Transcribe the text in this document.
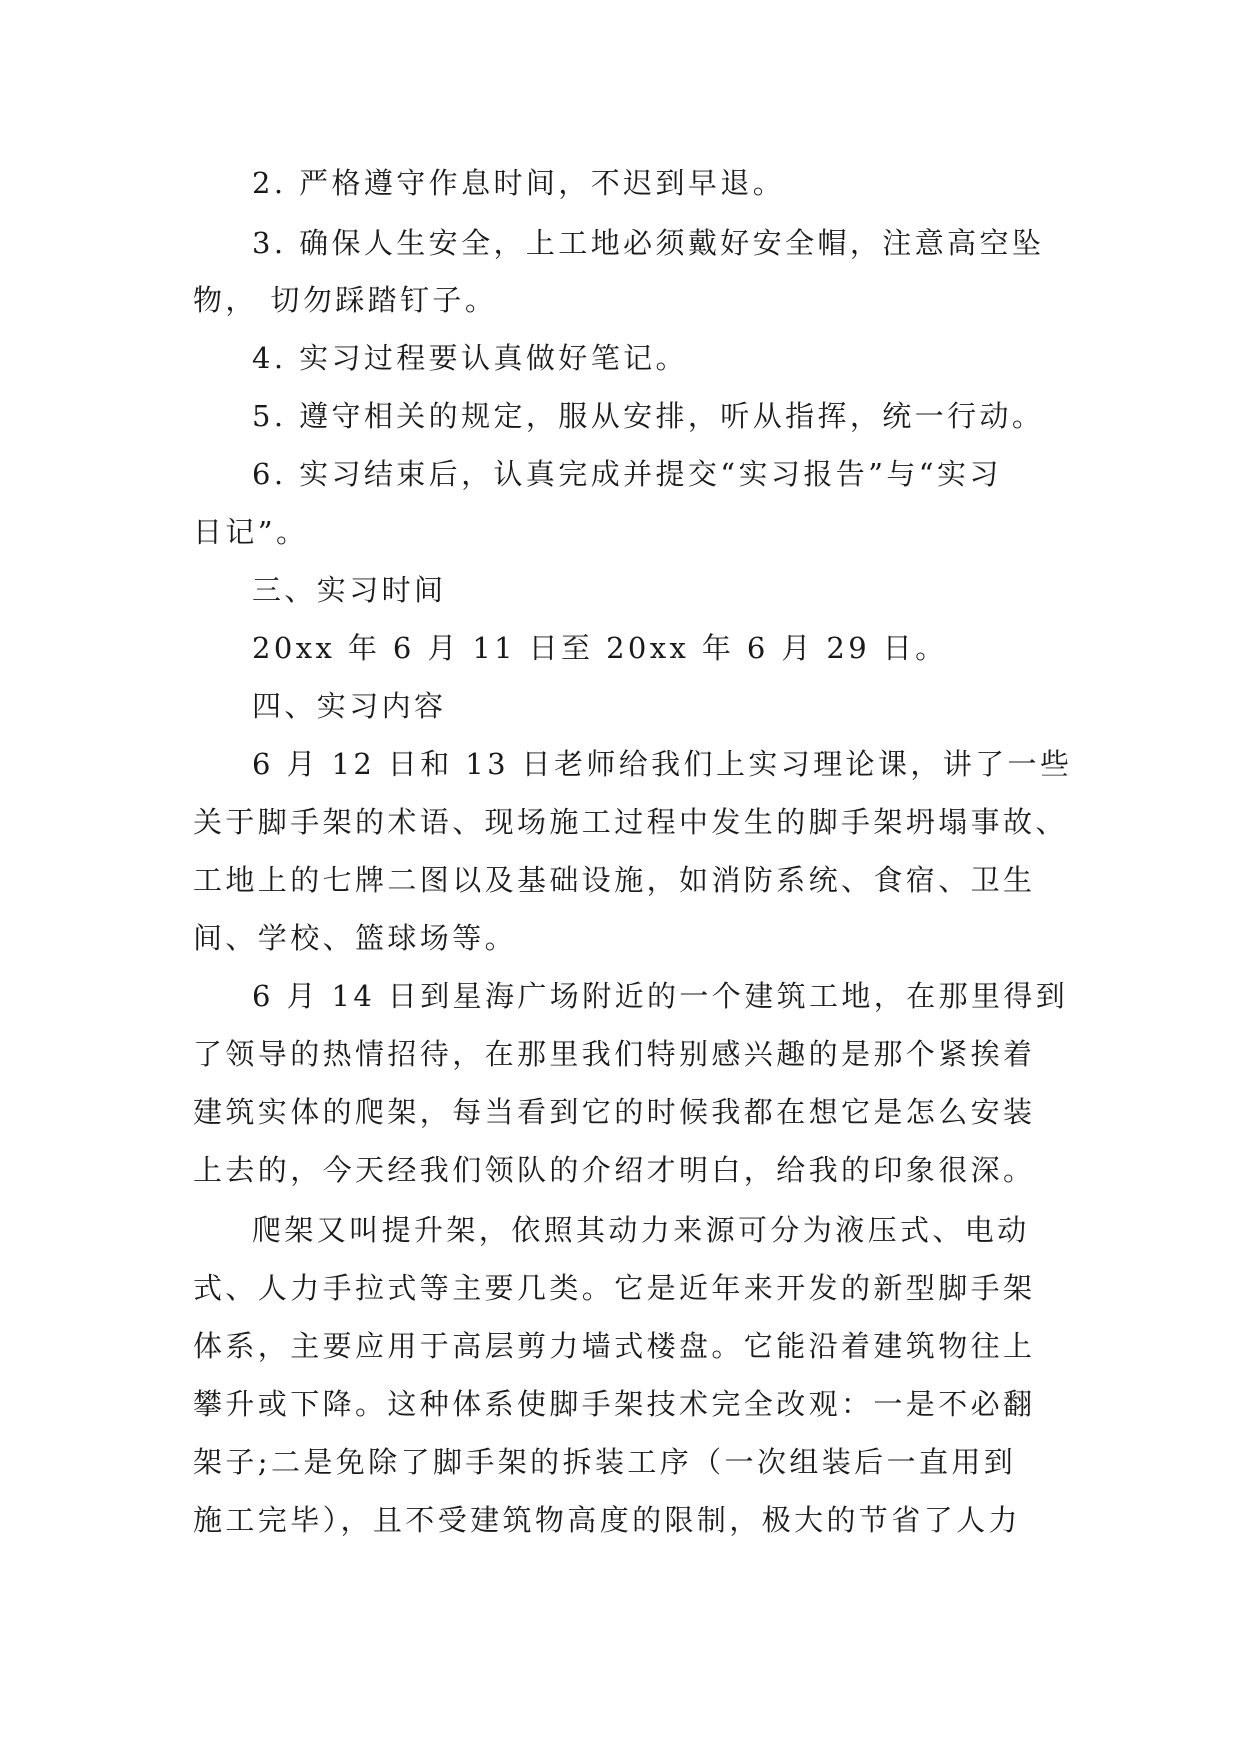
2. 严格遵守作息时间，不迟到早退。
3. 确保人生安全，上工地必须戴好安全帽，注意高空坠
物， 切勿踩踏钉子。
4. 实习过程要认真做好笔记。
5. 遵守相关的规定，服从安排，听从指挥，统一行动。
6. 实习结束后，认真完成并提交“实习报告”与“实习
日记”。
三、实习时间
20xx 年 6 月 11 日至 20xx 年 6 月 29 日。
四、实习内容
6 月 12 日和 13 日老师给我们上实习理论课，讲了一些
关于脚手架的术语、现场施工过程中发生的脚手架坍塌事故、
工地上的七牌二图以及基础设施，如消防系统、食宿、卫生
间、学校、篮球场等。
6 月 14 日到星海广场附近的一个建筑工地，在那里得到
了领导的热情招待，在那里我们特别感兴趣的是那个紧挨着
建筑实体的爬架，每当看到它的时候我都在想它是怎么安装
上去的，今天经我们领队的介绍才明白，给我的印象很深。
爬架又叫提升架，依照其动力来源可分为液压式、电动
式、人力手拉式等主要几类。它是近年来开发的新型脚手架
体系，主要应用于高层剪力墙式楼盘。它能沿着建筑物往上
攀升或下降。这种体系使脚手架技术完全改观：一是不必翻
架子;二是免除了脚手架的拆装工序（一次组装后一直用到
施工完毕），且不受建筑物高度的限制，极大的节省了人力
